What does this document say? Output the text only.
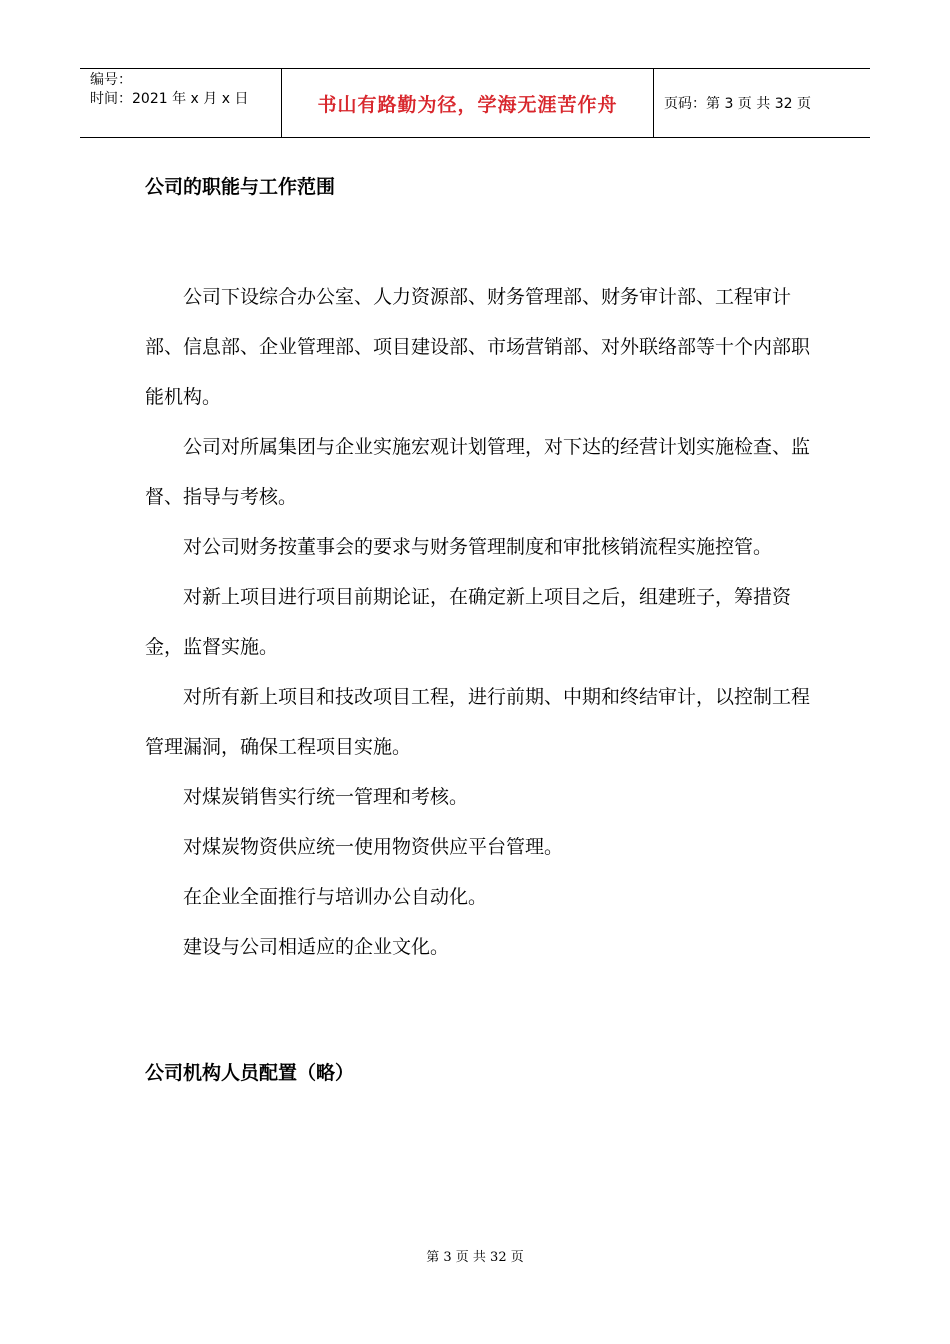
编号：
时间：2021 年 x 月 x 日	书山有路勤为径，学海无涯苦作舟	页码：第 3 页 共 32 页
公司的职能与工作范围

公司下设综合办公室、人力资源部、财务管理部、财务审计部、工程审计部、信息部、企业管理部、项目建设部、市场营销部、对外联络部等十个内部职能机构。

公司对所属集团与企业实施宏观计划管理，对下达的经营计划实施检查、监督、指导与考核。

对公司财务按董事会的要求与财务管理制度和审批核销流程实施控管。

对新上项目进行项目前期论证，在确定新上项目之后，组建班子，筹措资金，监督实施。

对所有新上项目和技改项目工程，进行前期、中期和终结审计，以控制工程管理漏洞，确保工程项目实施。

对煤炭销售实行统一管理和考核。

对煤炭物资供应统一使用物资供应平台管理。

在企业全面推行与培训办公自动化。

建设与公司相适应的企业文化。

公司机构人员配置（略）
第 3 页 共 32 页
